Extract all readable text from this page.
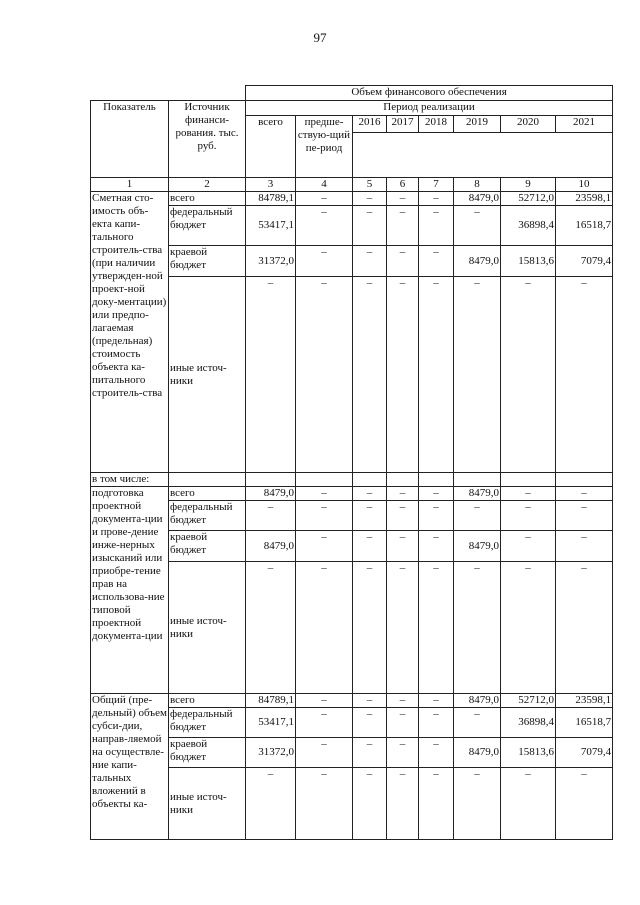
97
		Объем финансового обеспечения							
Показатель	Источник финанси-рования. тыс. руб.	Период реализации							
		всего	предше-ствую-щий пе-риод	2016	2017	2018	2019	2020	2021

1	2	3	4	5	6	7	8	9	10
Сметная сто-имость объ-екта капи-тального строитель-ства (при наличии утвержден-ной проект-ной доку-ментации) или предпо-лагаемая (предельная) стоимость объекта ка-питального строитель-ства	всего	84789,1	–	–	–	–	8479,0	52712,0	23598,1
	федеральный бюджет	53417,1	–	–	–	–	–	36898,4	16518,7
	краевой бюджет	31372,0	–	–	–	–	8479,0	15813,6	7079,4
	иные источ-ники	–	–	–	–	–	–	–	–
в том числе:									
подготовка проектной документа-ции и прове-дение инже-нерных изысканий или приобре-тение прав на использова-ние типовой проектной документа-ции	всего	8479,0	–	–	–	–	8479,0	–	–
	федеральный бюджет	–	–	–	–	–	–	–	–
	краевой бюджет	8479,0	–	–	–	–	8479,0	–	–
	иные источ-ники	–	–	–	–	–	–	–	–
Общий (пре-дельный) объем субси-дии, направ-ляемой на осуществле-ние капи-тальных вложений в объекты ка-	всего	84789,1	–	–	–	–	8479,0	52712,0	23598,1
	федеральный бюджет	53417,1	–	–	–	–	–	36898,4	16518,7
	краевой бюджет	31372,0	–	–	–	–	8479,0	15813,6	7079,4
	иные источ-ники	–	–	–	–	–	–	–	–
